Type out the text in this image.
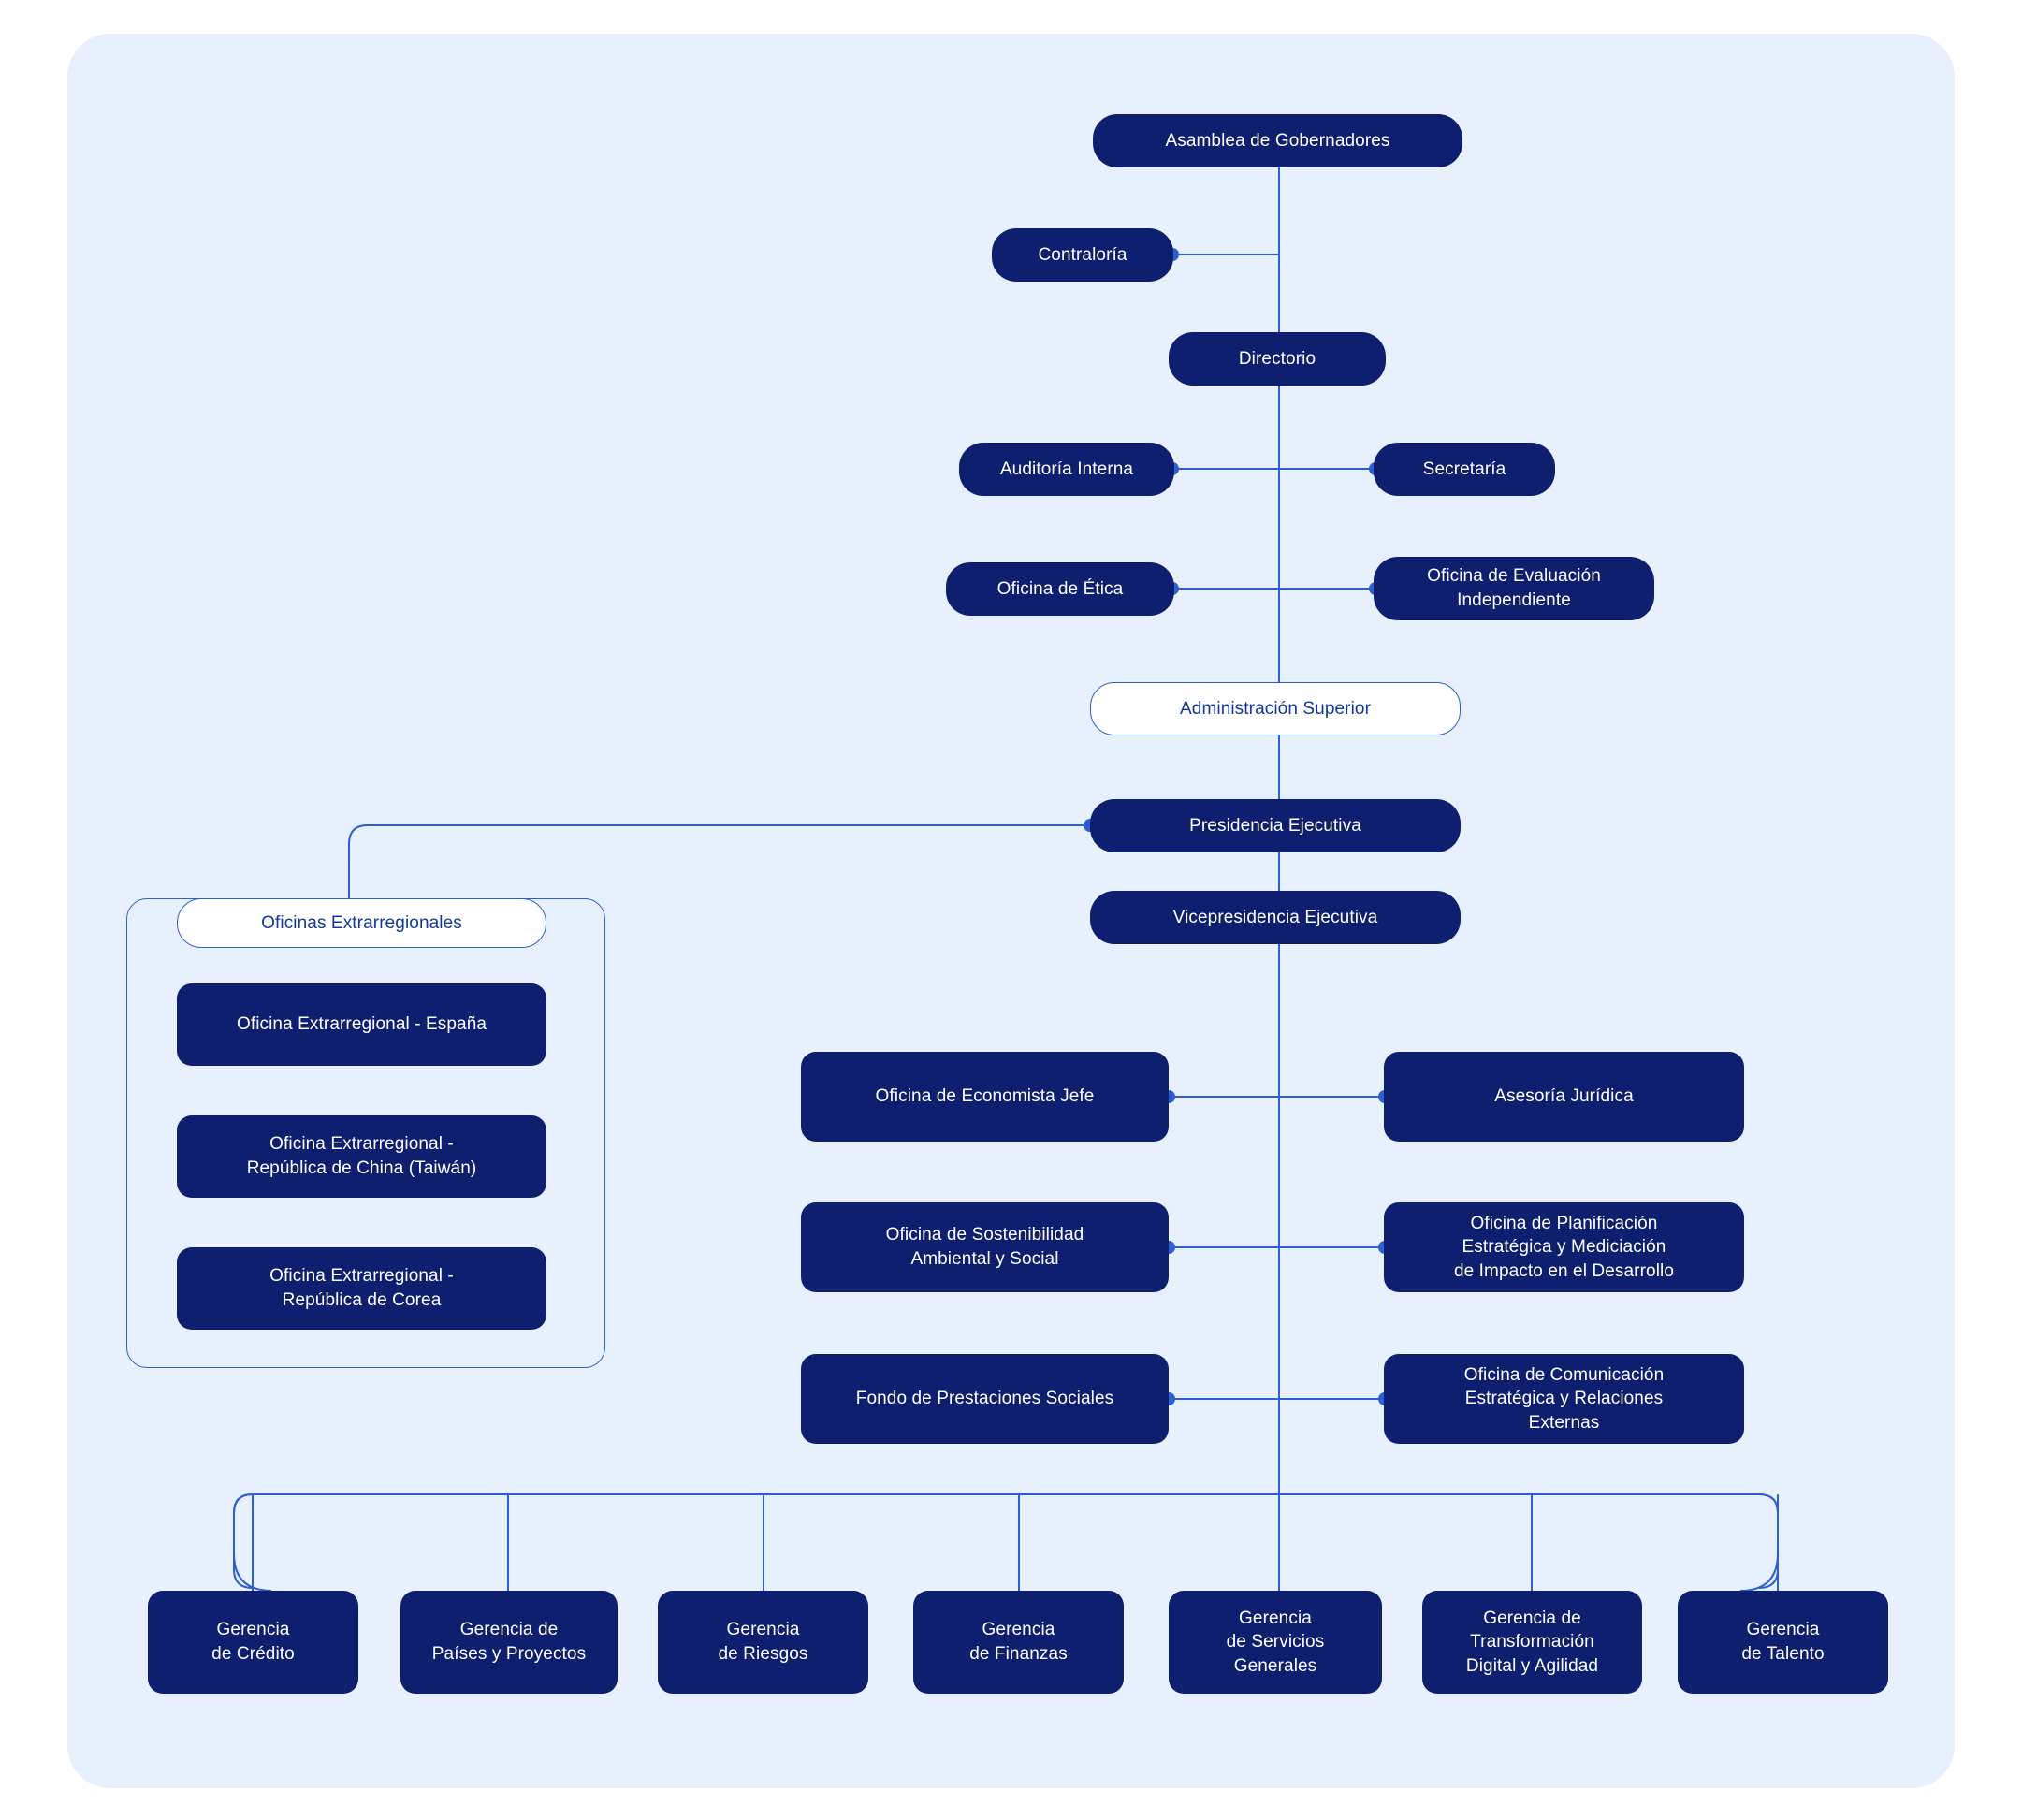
Asamblea de Gobernadores
Contraloría
Directorio
Auditoría Interna	Secretaría
Oficina de Ética
Oficina de Evaluación
Independiente
Administración Superior
Presidencia Ejecutiva
Vicepresidencia Ejecutiva
Oficinas Extrarregionales
Oficina Extrarregional - España
Oficina Extrarregional -
República de China (Taiwán)
Oficina Extrarregional -
República de Corea
Oficina de Economista Jefe
Oficina de Sostenibilidad
Ambiental y Social
Fondo de Prestaciones Sociales
Asesoría Jurídica
Oficina de Planificación
Estratégica y Mediciación
de Impacto en el Desarrollo
Oficina de Comunicación
Estratégica y Relaciones
Externas
Gerencia
de Crédito
Gerencia de
Países y Proyectos
Gerencia
de Riesgos
Gerencia
de Finanzas
Gerencia
de Servicios
Generales
Gerencia de
Transformación
Digital y Agilidad
Gerencia
de Talento
